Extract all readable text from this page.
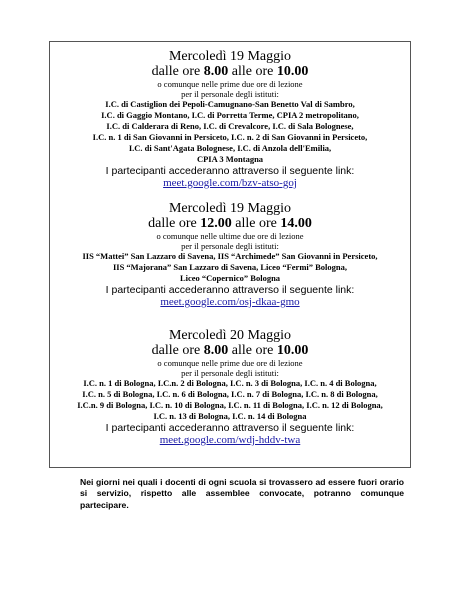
Mercoledì 19 Maggio
dalle ore 8.00 alle ore 10.00
o comunque nelle prime due ore di lezione
per il personale degli istituti:
I.C. di Castiglion dei Pepoli-Camugnano-San Benetto Val di Sambro,
I.C. di Gaggio Montano, I.C. di Porretta Terme, CPIA 2 metropolitano,
I.C. di Calderara di Reno, I.C. di Crevalcore, I.C. di Sala Bolognese,
I.C. n. 1 di San Giovanni in Persiceto, I.C. n. 2 di San Giovanni in Persiceto,
I.C. di Sant'Agata Bolognese, I.C. di Anzola dell'Emilia,
CPIA 3 Montagna
I partecipanti accederanno attraverso il seguente link:
meet.google.com/bzv-atso-goj
Mercoledì 19 Maggio
dalle ore 12.00 alle ore 14.00
o comunque nelle ultime due ore di lezione
per il personale degli istituti:
IIS “Mattei” San Lazzaro di Savena, IIS “Archimede” San Giovanni in Persiceto,
IIS “Majorana” San Lazzaro di Savena, Liceo “Fermi” Bologna,
Liceo “Copernico” Bologna
I partecipanti accederanno attraverso il seguente link:
meet.google.com/osj-dkaa-gmo
Mercoledì 20 Maggio
dalle ore 8.00 alle ore 10.00
o comunque nelle prime due ore di lezione
per il personale degli istituti:
I.C. n. 1 di Bologna, I.C.n. 2 di Bologna, I.C. n. 3 di Bologna, I.C. n. 4 di Bologna,
I.C. n. 5 di Bologna, I.C. n. 6 di Bologna, I.C. n. 7 di Bologna, I.C. n. 8 di Bologna,
I.C.n. 9 di Bologna, I.C. n. 10 di Bologna, I.C. n. 11 di Bologna, I.C. n. 12 di Bologna,
I.C. n. 13 di Bologna, I.C. n. 14 di Bologna
I partecipanti accederanno attraverso il seguente link:
meet.google.com/wdj-hddv-twa
Nei giorni nei quali i docenti di ogni scuola si trovassero ad essere fuori orario si servizio, rispetto alle assemblee convocate, potranno comunque partecipare.
